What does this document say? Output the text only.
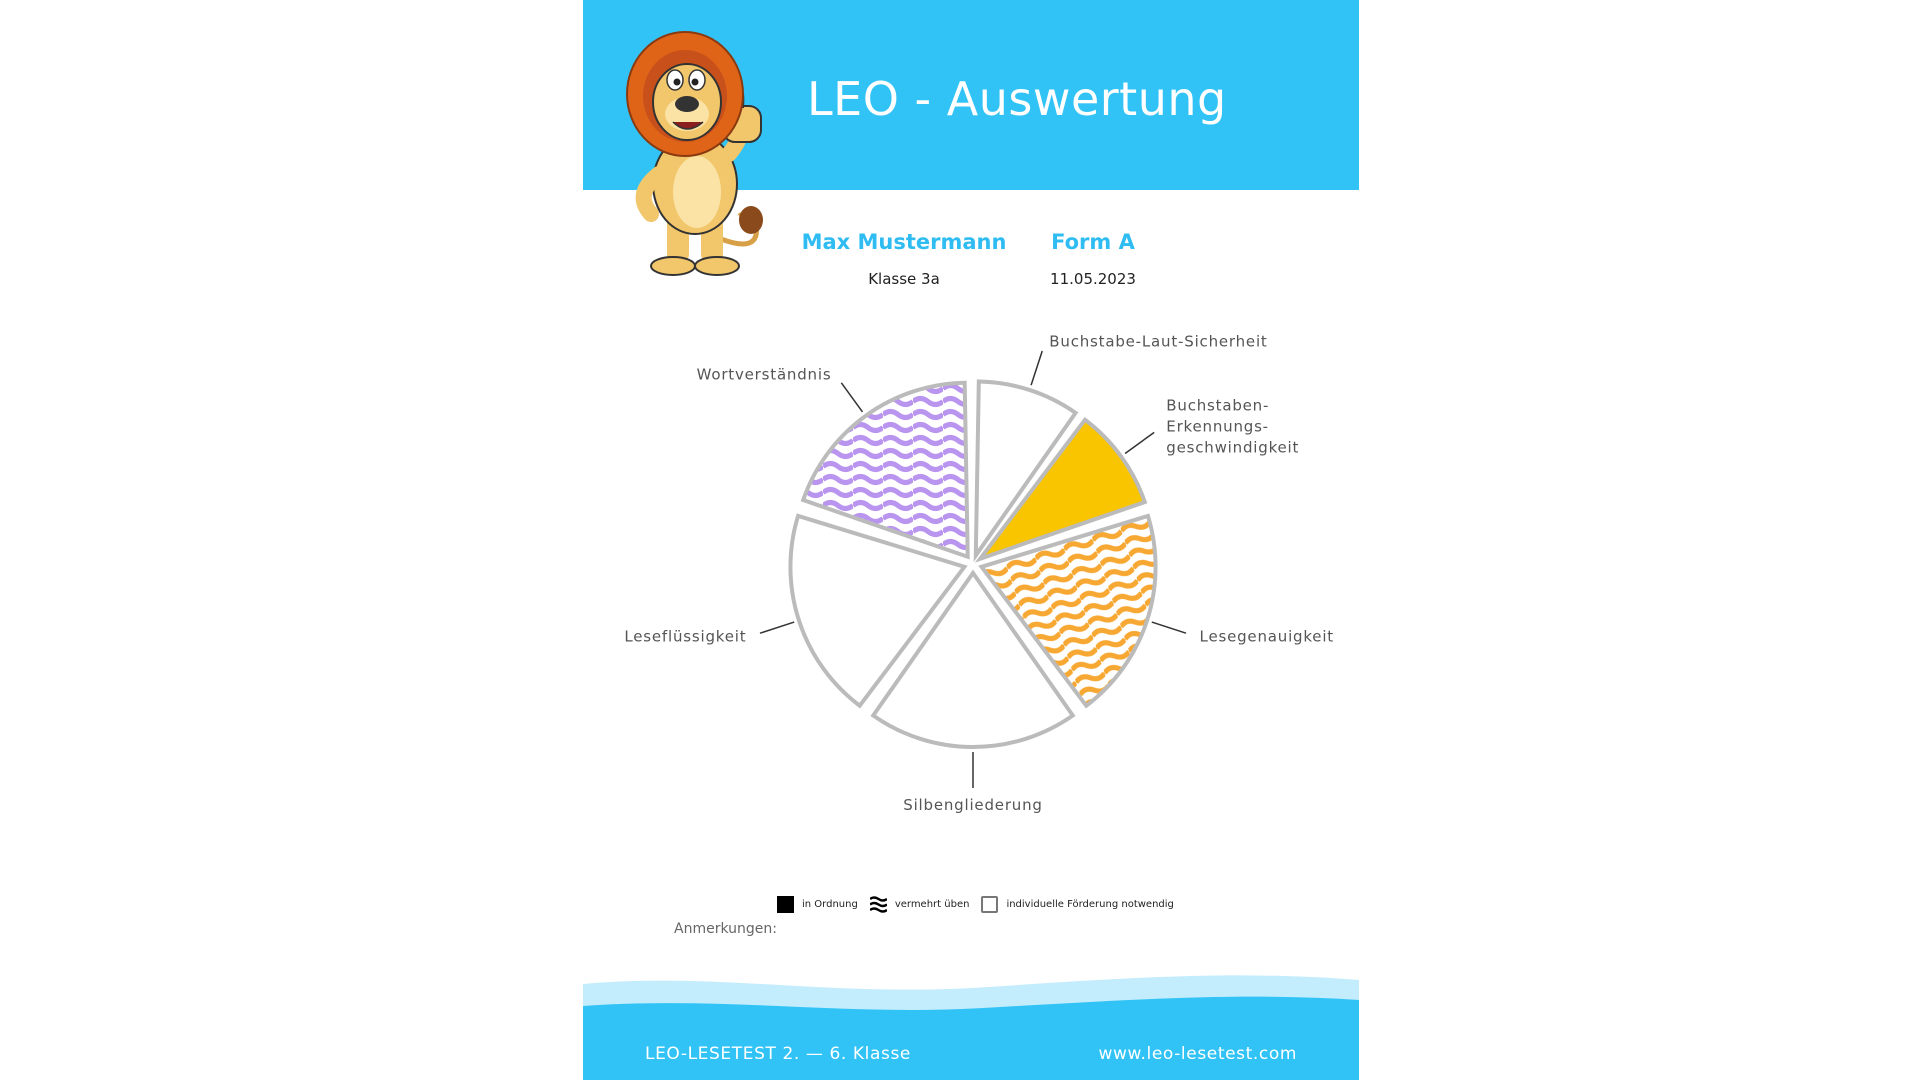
LEO - Auswertung
Max Mustermann
Klasse 3a
Form A
11.05.2023
Buchstabe-Laut-Sicherheit
Buchstaben-Erkennungs-geschwindigkeit
Lesegenauigkeit
Silbengliederung
Leseflüssigkeit
Wortverständnis
in Ordnung	vermehrt üben	individuelle Förderung notwendig
Anmerkungen:
LEO-LESETEST 2. — 6. Klasse	www.leo-lesetest.com
